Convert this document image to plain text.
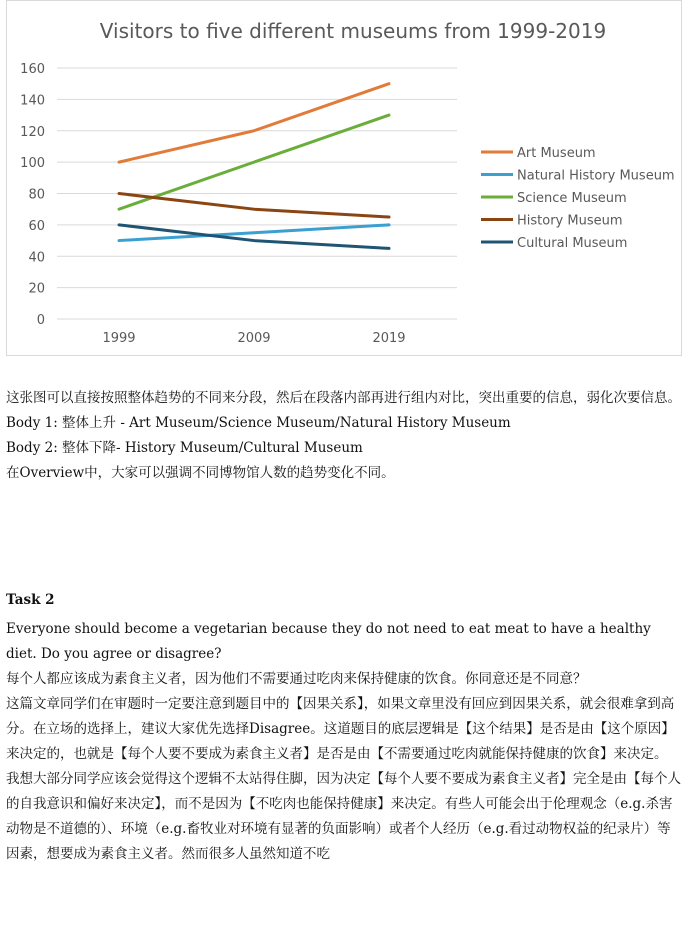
Visitors to five different museums from 1999-2019
0
20
40
60
80
100
120
140
160
1999	2009	2019
Art Museum
Natural History Museum
Science Museum
History Museum
Cultural Museum

这张图可以直接按照整体趋势的不同来分段，然后在段落内部再进行组内对比，突出重要的信息，弱化次要信息。

Body 1: 整体上升 - Art Museum/Science Museum/Natural History Museum

Body 2: 整体下降- History Museum/Cultural Museum

在Overview中，大家可以强调不同博物馆人数的趋势变化不同。

Task 2

Everyone should become a vegetarian because they do not need to eat meat to have a healthy diet. Do you agree or disagree?

每个人都应该成为素食主义者，因为他们不需要通过吃肉来保持健康的饮食。你同意还是不同意？

这篇文章同学们在审题时一定要注意到题目中的【因果关系】，如果文章里没有回应到因果关系，就会很难拿到高分。在立场的选择上，建议大家优先选择Disagree。这道题目的底层逻辑是【这个结果】是否是由【这个原因】来决定的，也就是【每个人要不要成为素食主义者】是否是由【不需要通过吃肉就能保持健康的饮食】来决定。

我想大部分同学应该会觉得这个逻辑不太站得住脚，因为决定【每个人要不要成为素食主义者】完全是由【每个人的自我意识和偏好来决定】，而不是因为【不吃肉也能保持健康】来决定。有些人可能会出于伦理观念（e.g.杀害动物是不道德的）、环境（e.g.畜牧业对环境有显著的负面影响）或者个人经历（e.g.看过动物权益的纪录片）等因素，想要成为素食主义者。然而很多人虽然知道不吃
